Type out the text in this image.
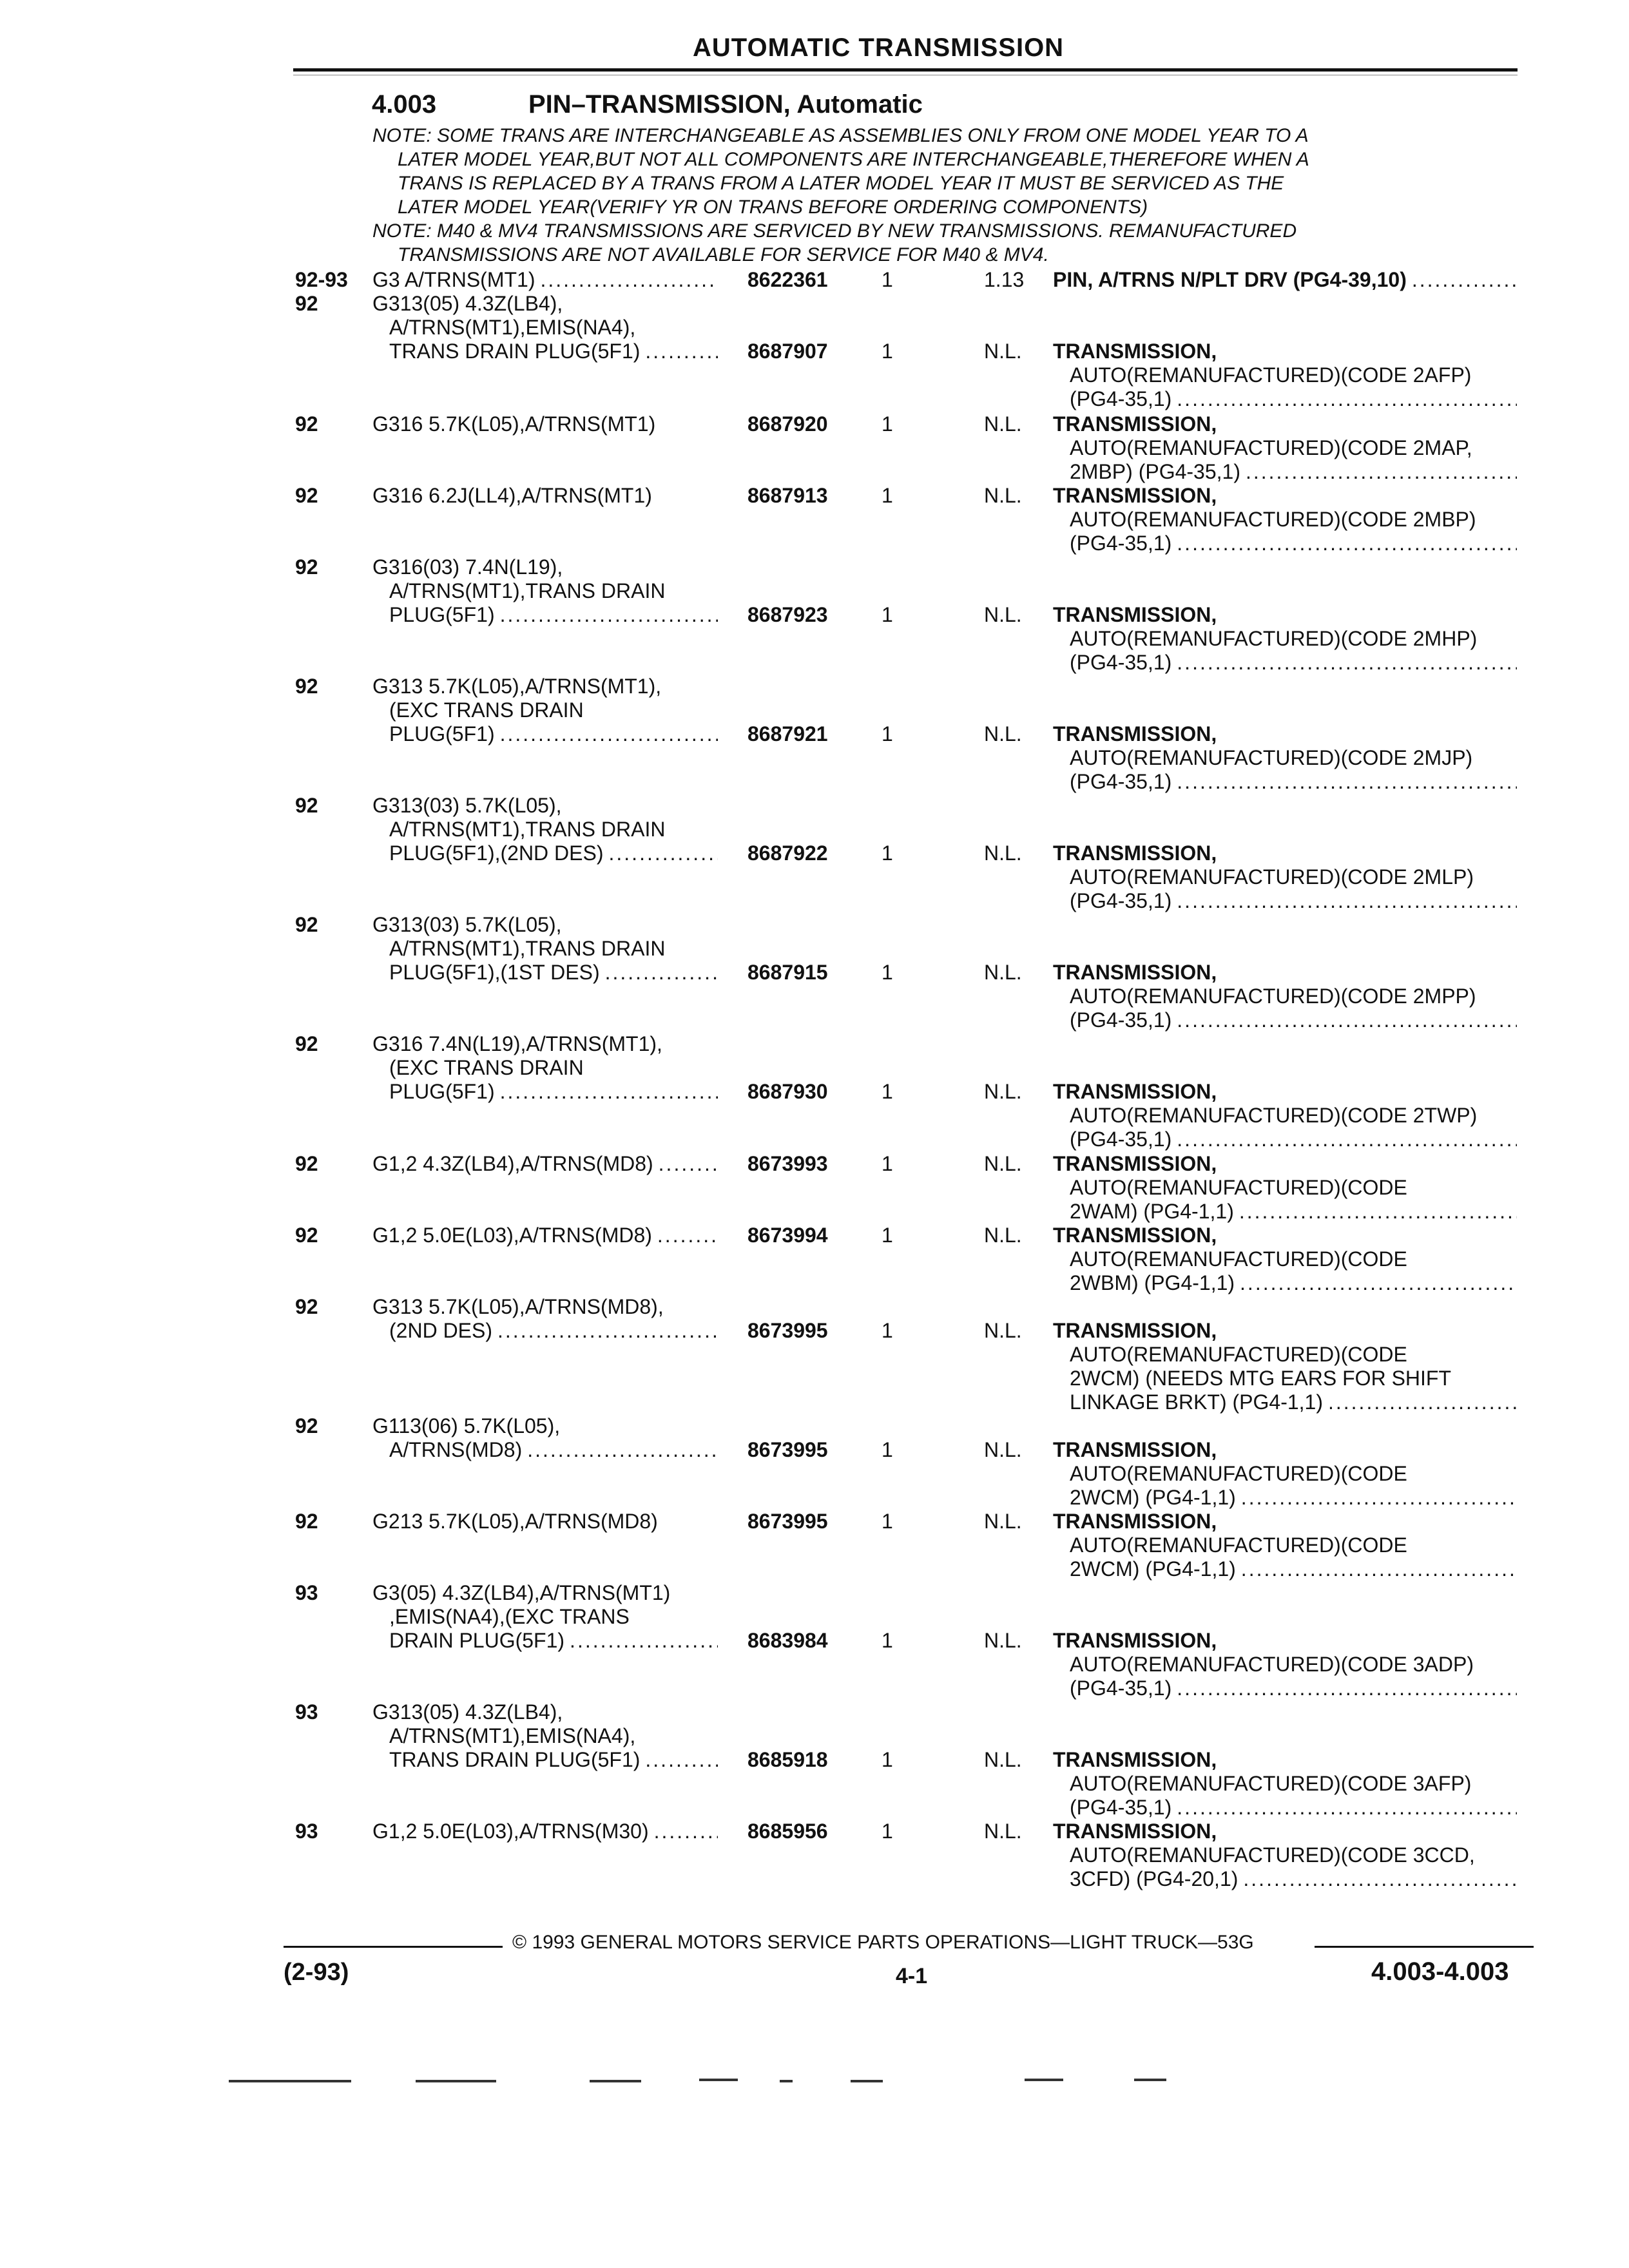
AUTOMATIC TRANSMISSION
4.003	PIN–TRANSMISSION, Automatic
NOTE: SOME TRANS ARE INTERCHANGEABLE AS ASSEMBLIES ONLY FROM ONE MODEL YEAR TO A
LATER MODEL YEAR,BUT NOT ALL COMPONENTS ARE INTERCHANGEABLE,THEREFORE WHEN A
TRANS IS REPLACED BY A TRANS FROM A LATER MODEL YEAR IT MUST BE SERVICED AS THE
LATER MODEL YEAR(VERIFY YR ON TRANS BEFORE ORDERING COMPONENTS)
NOTE: M40 & MV4 TRANSMISSIONS ARE SERVICED BY NEW TRANSMISSIONS. REMANUFACTURED
TRANSMISSIONS ARE NOT AVAILABLE FOR SERVICE FOR M40 & MV4.
92-93 G3 A/TRNS(MT1) .....	8622361	1	1.13 PIN, A/TRNS N/PLT DRV (PG4-39,10)
.....
92	G313(05) 4.3Z(LB4),
A/TRNS(MT1),EMIS(NA4),
TRANS DRAIN PLUG(5F1) .....	8687907	1	N.L. TRANSMISSION,
AUTO(REMANUFACTURED)(CODE 2AFP)
(PG4-35,1)
.....
92	G316 5.7K(L05),A/TRNS(MT1)	8687920	1	N.L. TRANSMISSION,
AUTO(REMANUFACTURED)(CODE 2MAP,
2MBP) (PG4-35,1)
.....
92	G316 6.2J(LL4),A/TRNS(MT1)	8687913	1	N.L. TRANSMISSION,
AUTO(REMANUFACTURED)(CODE 2MBP)
(PG4-35,1)
.....
92	G316(03) 7.4N(L19),
A/TRNS(MT1),TRANS DRAIN
PLUG(5F1) .....	8687923	1	N.L. TRANSMISSION,
AUTO(REMANUFACTURED)(CODE 2MHP)
(PG4-35,1)
.....
92	G313 5.7K(L05),A/TRNS(MT1),
(EXC TRANS DRAIN
PLUG(5F1) .....	8687921	1	N.L. TRANSMISSION,
AUTO(REMANUFACTURED)(CODE 2MJP)
(PG4-35,1)
.....
92	G313(03) 5.7K(L05),
A/TRNS(MT1),TRANS DRAIN
PLUG(5F1),(2ND DES) .....	8687922	1	N.L. TRANSMISSION,
AUTO(REMANUFACTURED)(CODE 2MLP)
(PG4-35,1)
.....
92	G313(03) 5.7K(L05),
A/TRNS(MT1),TRANS DRAIN
PLUG(5F1),(1ST DES) .....	8687915	1	N.L. TRANSMISSION,
AUTO(REMANUFACTURED)(CODE 2MPP)
(PG4-35,1)
.....
92	G316 7.4N(L19),A/TRNS(MT1),
(EXC TRANS DRAIN
PLUG(5F1) .....	8687930	1	N.L. TRANSMISSION,
AUTO(REMANUFACTURED)(CODE 2TWP)
(PG4-35,1)
.....
92	G1,2 4.3Z(LB4),A/TRNS(MD8) .....	8673993	1	N.L. TRANSMISSION,
AUTO(REMANUFACTURED)(CODE
2WAM) (PG4-1,1)
.....
92	G1,2 5.0E(L03),A/TRNS(MD8) .....	8673994	1	N.L. TRANSMISSION,
AUTO(REMANUFACTURED)(CODE
2WBM) (PG4-1,1)
.....
92	G313 5.7K(L05),A/TRNS(MD8),
(2ND DES) .....	8673995	1	N.L. TRANSMISSION,
AUTO(REMANUFACTURED)(CODE
2WCM) (NEEDS MTG EARS FOR SHIFT
LINKAGE BRKT) (PG4-1,1)
.....
92	G113(06) 5.7K(L05),
A/TRNS(MD8) .....	8673995	1	N.L. TRANSMISSION,
AUTO(REMANUFACTURED)(CODE
2WCM) (PG4-1,1)
.....
92	G213 5.7K(L05),A/TRNS(MD8)	8673995	1	N.L. TRANSMISSION,
AUTO(REMANUFACTURED)(CODE
2WCM) (PG4-1,1)
.....
93	G3(05) 4.3Z(LB4),A/TRNS(MT1)
,EMIS(NA4),(EXC TRANS
DRAIN PLUG(5F1) .....	8683984	1	N.L. TRANSMISSION,
AUTO(REMANUFACTURED)(CODE 3ADP)
(PG4-35,1)
.....
93	G313(05) 4.3Z(LB4),
A/TRNS(MT1),EMIS(NA4),
TRANS DRAIN PLUG(5F1) .....	8685918	1	N.L. TRANSMISSION,
AUTO(REMANUFACTURED)(CODE 3AFP)
(PG4-35,1)
.....
93	G1,2 5.0E(L03),A/TRNS(M30) .....	8685956	1	N.L. TRANSMISSION,
AUTO(REMANUFACTURED)(CODE 3CCD,
3CFD) (PG4-20,1)
.....
© 1993 GENERAL MOTORS SERVICE PARTS OPERATIONS—LIGHT TRUCK—53G
(2-93)	4-1	4.003-4.003
